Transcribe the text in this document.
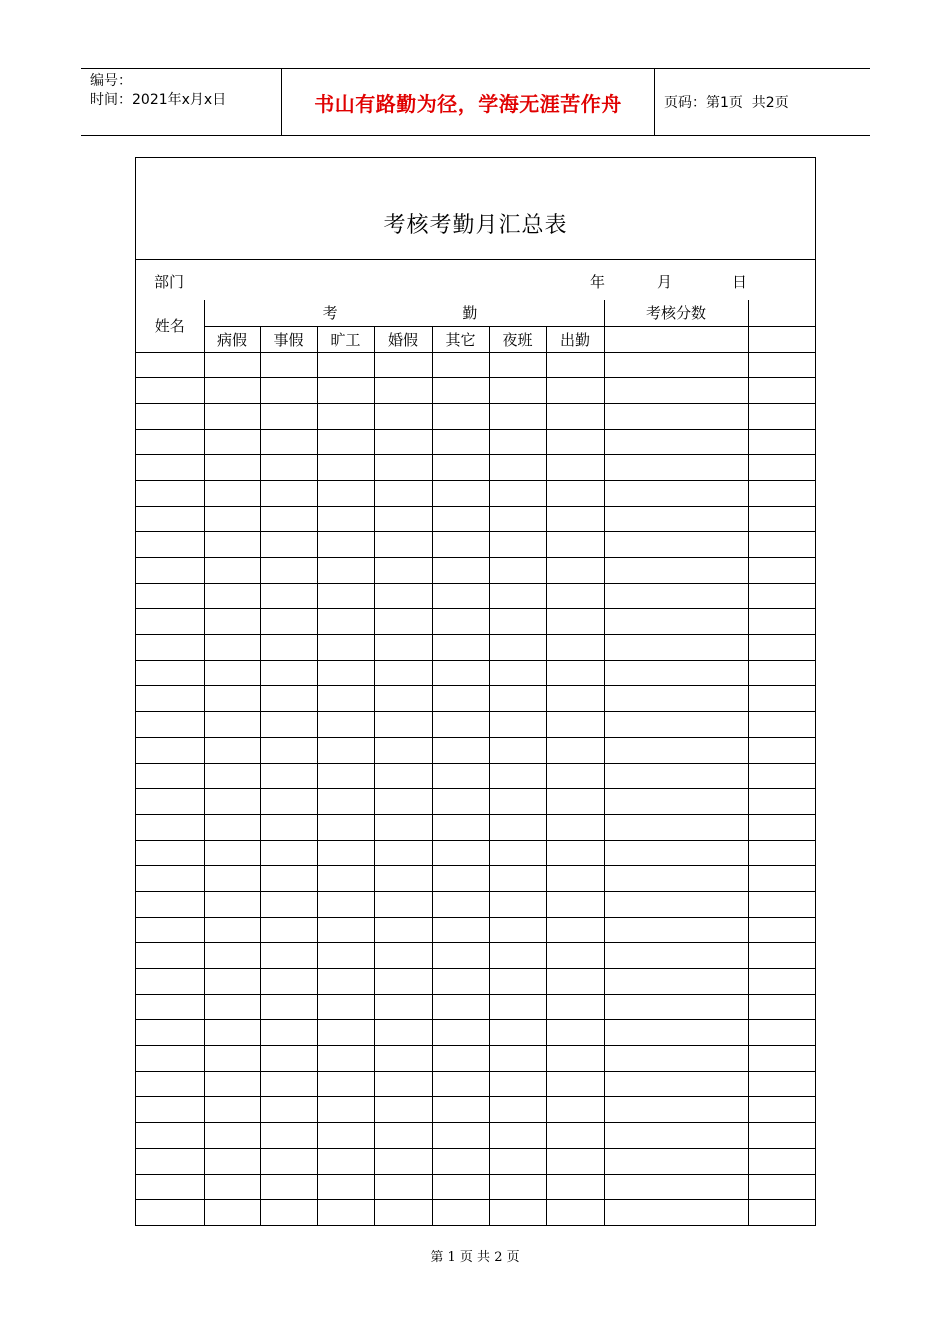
编号：
时间：2021年x月x日	书山有路勤为径，学海无涯苦作舟	页码：第1页  共2页
考核考勤月汇总表
部门	年	月	日
姓名	考 勤							考核分数	
	病假	事假	旷工	婚假	其它	夜班	出勤		

第 1 页 共 2 页
